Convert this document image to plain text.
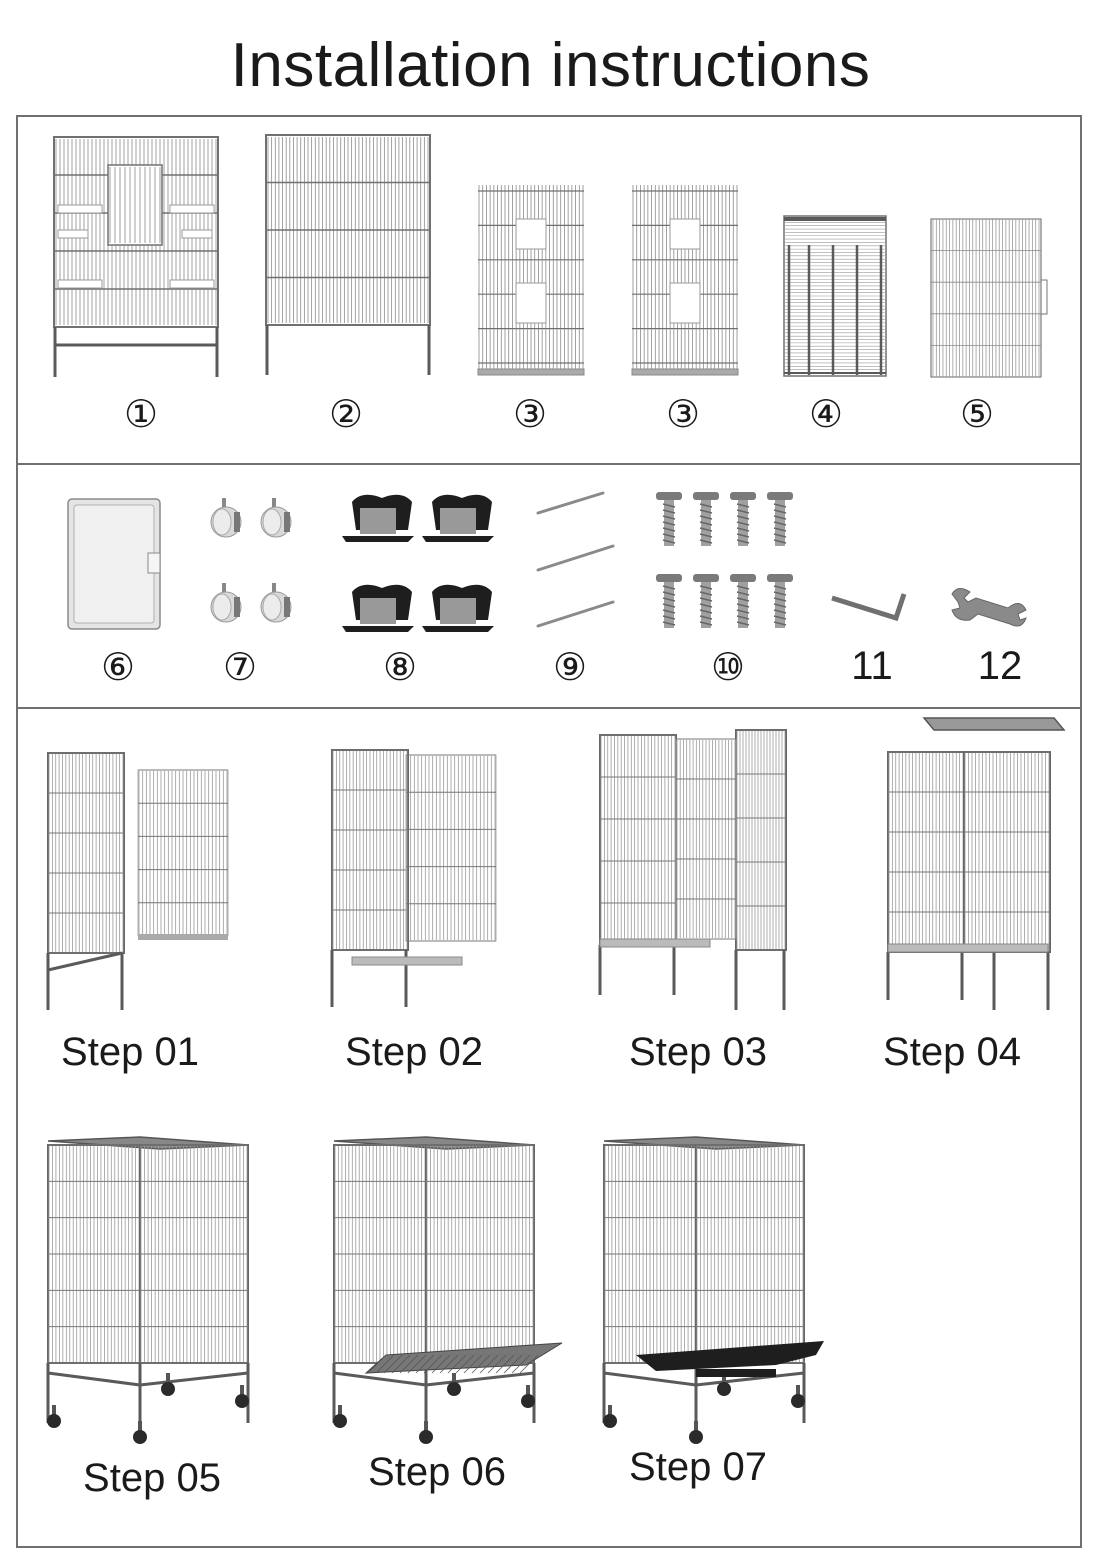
Installation instructions
①	②	③	③	④	⑤
⑥	⑦	⑧	⑨	⑩	11	12
Step 01	Step 02	Step 03	Step 04
Step 05	Step 06	Step 07
